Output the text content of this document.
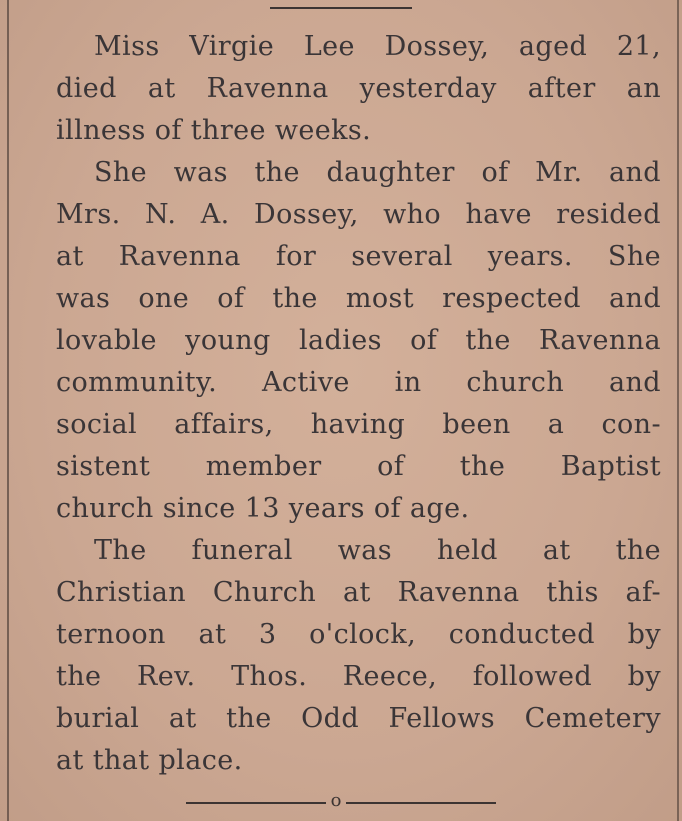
Miss Virgie Lee Dossey, aged 21,
died at Ravenna yesterday after an
illness of three weeks.

She was the daughter of Mr. and
Mrs. N. A. Dossey, who have resided
at Ravenna for several years. She
was one of the most respected and
lovable young ladies of the Ravenna
community. Active in church and
social affairs, having been a con-
sistent member of the Baptist
church since 13 years of age.

The funeral was held at the
Christian Church at Ravenna this af-
ternoon at 3 o'clock, conducted by
the Rev. Thos. Reece, followed by
burial at the Odd Fellows Cemetery
at that place.

o
